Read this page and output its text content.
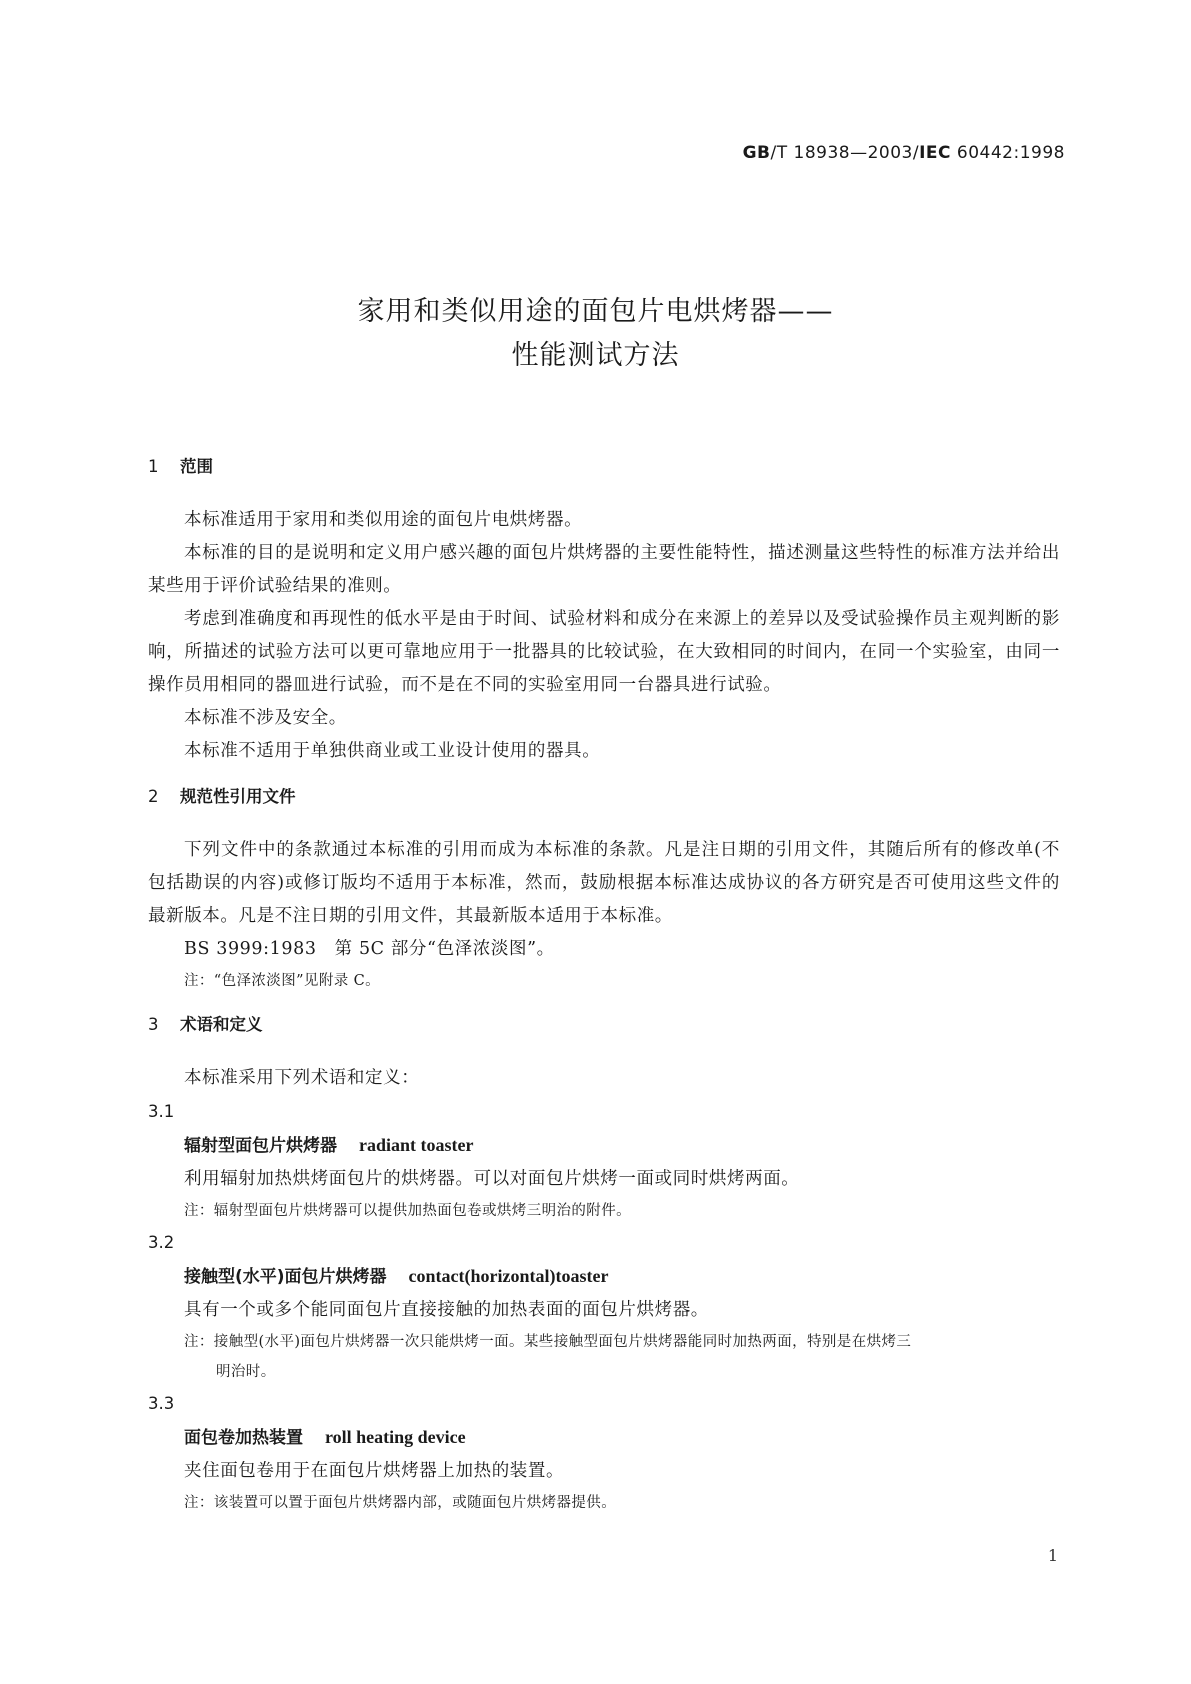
GB/T 18938—2003/IEC 60442:1998
家用和类似用途的面包片电烘烤器——
性能测试方法
1 范围

本标准适用于家用和类似用途的面包片电烘烤器。

本标准的目的是说明和定义用户感兴趣的面包片烘烤器的主要性能特性，描述测量这些特性的标准方法并给出某些用于评价试验结果的准则。

考虑到准确度和再现性的低水平是由于时间、试验材料和成分在来源上的差异以及受试验操作员主观判断的影响，所描述的试验方法可以更可靠地应用于一批器具的比较试验，在大致相同的时间内，在同一个实验室，由同一操作员用相同的器皿进行试验，而不是在不同的实验室用同一台器具进行试验。

本标准不涉及安全。

本标准不适用于单独供商业或工业设计使用的器具。

2 规范性引用文件

下列文件中的条款通过本标准的引用而成为本标准的条款。凡是注日期的引用文件，其随后所有的修改单(不包括勘误的内容)或修订版均不适用于本标准，然而，鼓励根据本标准达成协议的各方研究是否可使用这些文件的最新版本。凡是不注日期的引用文件，其最新版本适用于本标准。

BS 3999:1983　第 5C 部分“色泽浓淡图”。

注：“色泽浓淡图”见附录 C。

3 术语和定义

本标准采用下列术语和定义：

3.1
辐射型面包片烘烤器 radiant toaster

利用辐射加热烘烤面包片的烘烤器。可以对面包片烘烤一面或同时烘烤两面。

注：辐射型面包片烘烤器可以提供加热面包卷或烘烤三明治的附件。

3.2
接触型(水平)面包片烘烤器 contact(horizontal)toaster

具有一个或多个能同面包片直接接触的加热表面的面包片烘烤器。

注：接触型(水平)面包片烘烤器一次只能烘烤一面。某些接触型面包片烘烤器能同时加热两面，特别是在烘烤三
明治时。

3.3
面包卷加热装置 roll heating device

夹住面包卷用于在面包片烘烤器上加热的装置。

注：该装置可以置于面包片烘烤器内部，或随面包片烘烤器提供。

1
